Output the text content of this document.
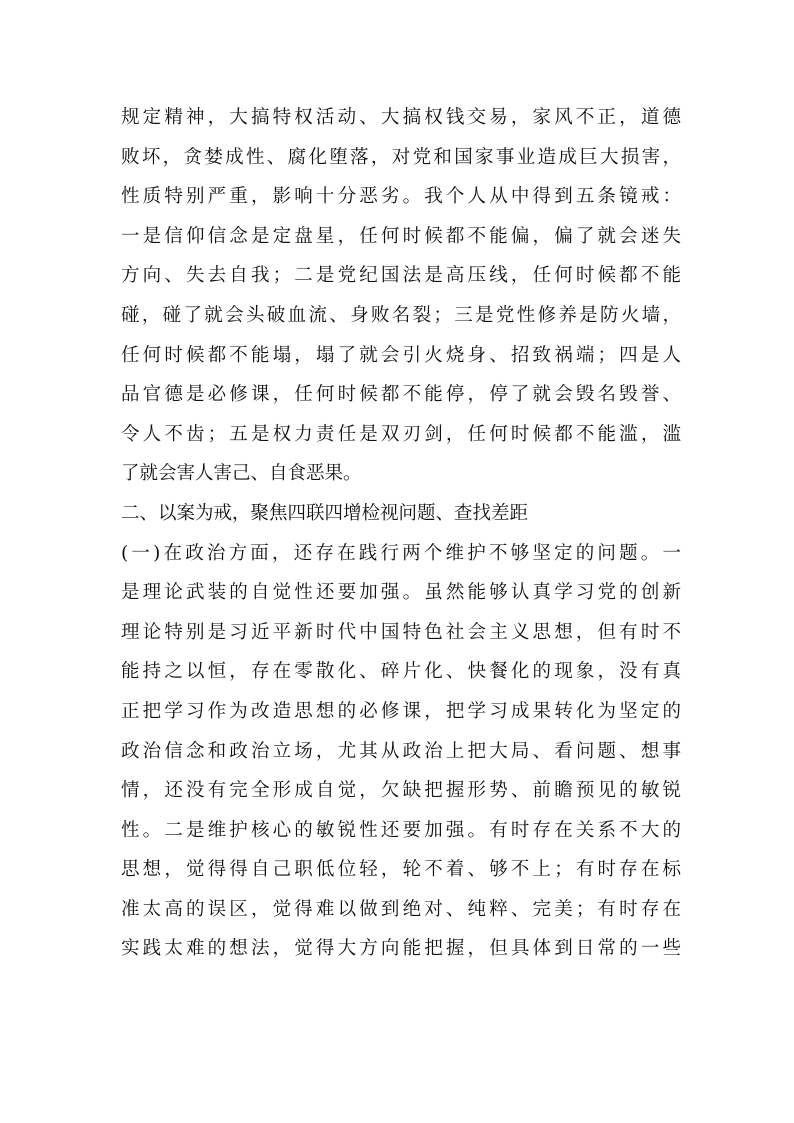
规定精神，大搞特权活动、大搞权钱交易，家风不正，道德
败坏，贪婪成性、腐化堕落，对党和国家事业造成巨大损害，
性质特别严重，影响十分恶劣。我个人从中得到五条镜戒：
一是信仰信念是定盘星，任何时候都不能偏，偏了就会迷失
方向、失去自我；二是党纪国法是高压线，任何时候都不能
碰，碰了就会头破血流、身败名裂；三是党性修养是防火墙，
任何时候都不能塌，塌了就会引火烧身、招致祸端；四是人
品官德是必修课，任何时候都不能停，停了就会毁名毁誉、
令人不齿；五是权力责任是双刃剑，任何时候都不能滥，滥
了就会害人害己、自食恶果。
二、以案为戒，聚焦四联四增检视问题、查找差距
(一)在政治方面，还存在践行两个维护不够坚定的问题。一
是理论武装的自觉性还要加强。虽然能够认真学习党的创新
理论特别是习近平新时代中国特色社会主义思想，但有时不
能持之以恒，存在零散化、碎片化、快餐化的现象，没有真
正把学习作为改造思想的必修课，把学习成果转化为坚定的
政治信念和政治立场，尤其从政治上把大局、看问题、想事
情，还没有完全形成自觉，欠缺把握形势、前瞻预见的敏锐
性。二是维护核心的敏锐性还要加强。有时存在关系不大的
思想，觉得得自己职低位轻，轮不着、够不上；有时存在标
准太高的误区，觉得难以做到绝对、纯粹、完美；有时存在
实践太难的想法，觉得大方向能把握，但具体到日常的一些
